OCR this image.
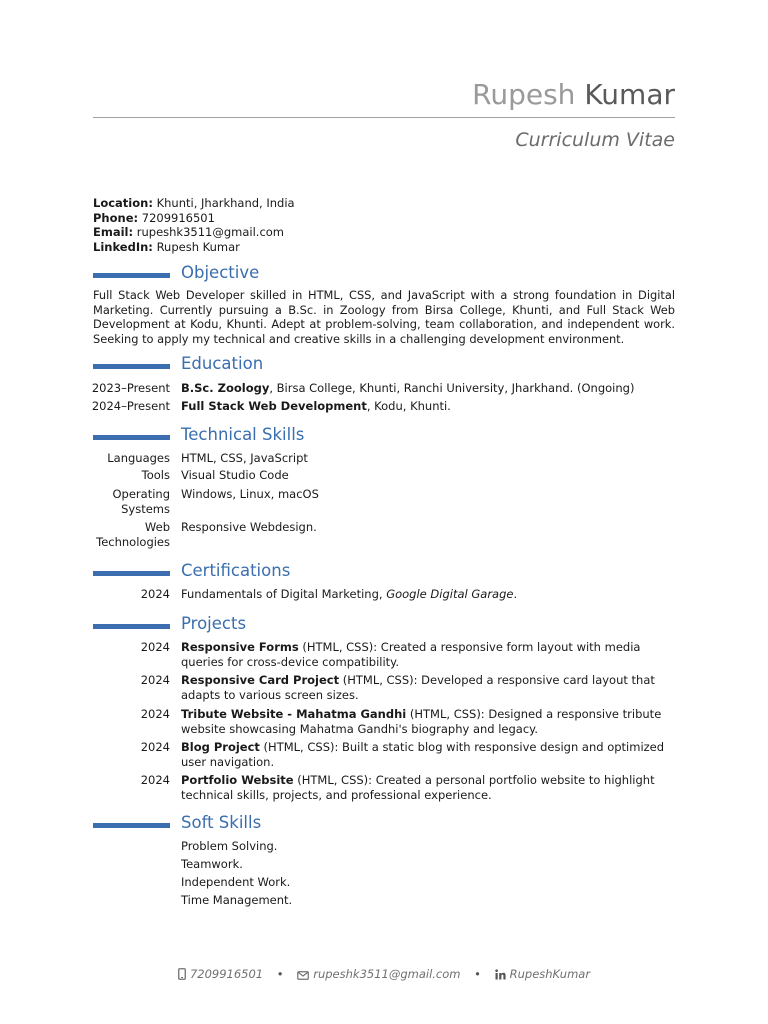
Rupesh Kumar
Curriculum Vitae
Location: Khunti, Jharkhand, India
Phone: 7209916501
Email: rupeshk3511@gmail.com
LinkedIn: Rupesh Kumar
Objective
Full Stack Web Developer skilled in HTML, CSS, and JavaScript with a strong foundation in Digital Marketing. Currently pursuing a B.Sc. in Zoology from Birsa College, Khunti, and Full Stack Web Development at Kodu, Khunti. Adept at problem-solving, team collaboration, and independent work. Seeking to apply my technical and creative skills in a challenging development environment.
Education
2023–Present B.Sc. Zoology, Birsa College, Khunti, Ranchi University, Jharkhand. (Ongoing)
2024–Present Full Stack Web Development, Kodu, Khunti.
Technical Skills
Languages HTML, CSS, JavaScript
Tools Visual Studio Code
Operating Systems
Windows, Linux, macOS
Web Technologies
Responsive Webdesign.
Certifications
2024 Fundamentals of Digital Marketing, Google Digital Garage.
Projects
2024 Responsive Forms (HTML, CSS): Created a responsive form layout with media queries for cross-device compatibility.
2024 Responsive Card Project (HTML, CSS): Developed a responsive card layout that adapts to various screen sizes.
2024 Tribute Website - Mahatma Gandhi (HTML, CSS): Designed a responsive tribute website showcasing Mahatma Gandhi's biography and legacy.
2024 Blog Project (HTML, CSS): Built a static blog with responsive design and optimized user navigation.
2024 Portfolio Website (HTML, CSS): Created a personal portfolio website to highlight technical skills, projects, and professional experience.
Soft Skills
Problem Solving.
Teamwork.
Independent Work.
Time Management.
7209916501 •	rupeshk3511@gmail.com • RupeshKumar
